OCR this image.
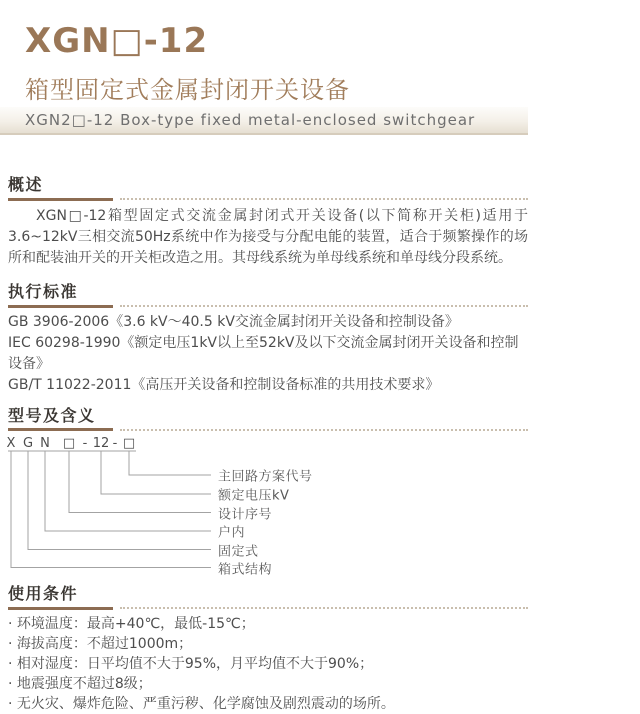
XGN□-12
箱型固定式金属封闭开关设备
XGN2□-12 Box-type fixed metal-enclosed switchgear
概述

XGN□-12箱型固定式交流金属封闭式开关设备(以下简称开关柜)适用于3.6~12kV三相交流50Hz系统中作为接受与分配电能的装置，适合于频繁操作的场所和配装油开关的开关柜改造之用。其母线系统为单母线系统和单母线分段系统。

执行标准
GB 3906-2006《3.6 kV～40.5 kV交流金属封闭开关设备和控制设备》
IEC 60298-1990《额定电压1kV以上至52kV及以下交流金属封闭开关设备和控制设备》
GB/T 11022-2011《高压开关设备和控制设备标准的共用技术要求》
型号及含义
X G N □ - 12 - □
主回路方案代号
额定电压kV
设计序号
户内
固定式
箱式结构
使用条件
· 环境温度：最高+40℃，最低-15℃；
· 海拔高度：不超过1000m；
· 相对湿度：日平均值不大于95%，月平均值不大于90%；
· 地震强度不超过8级；
· 无火灾、爆炸危险、严重污秽、化学腐蚀及剧烈震动的场所。
